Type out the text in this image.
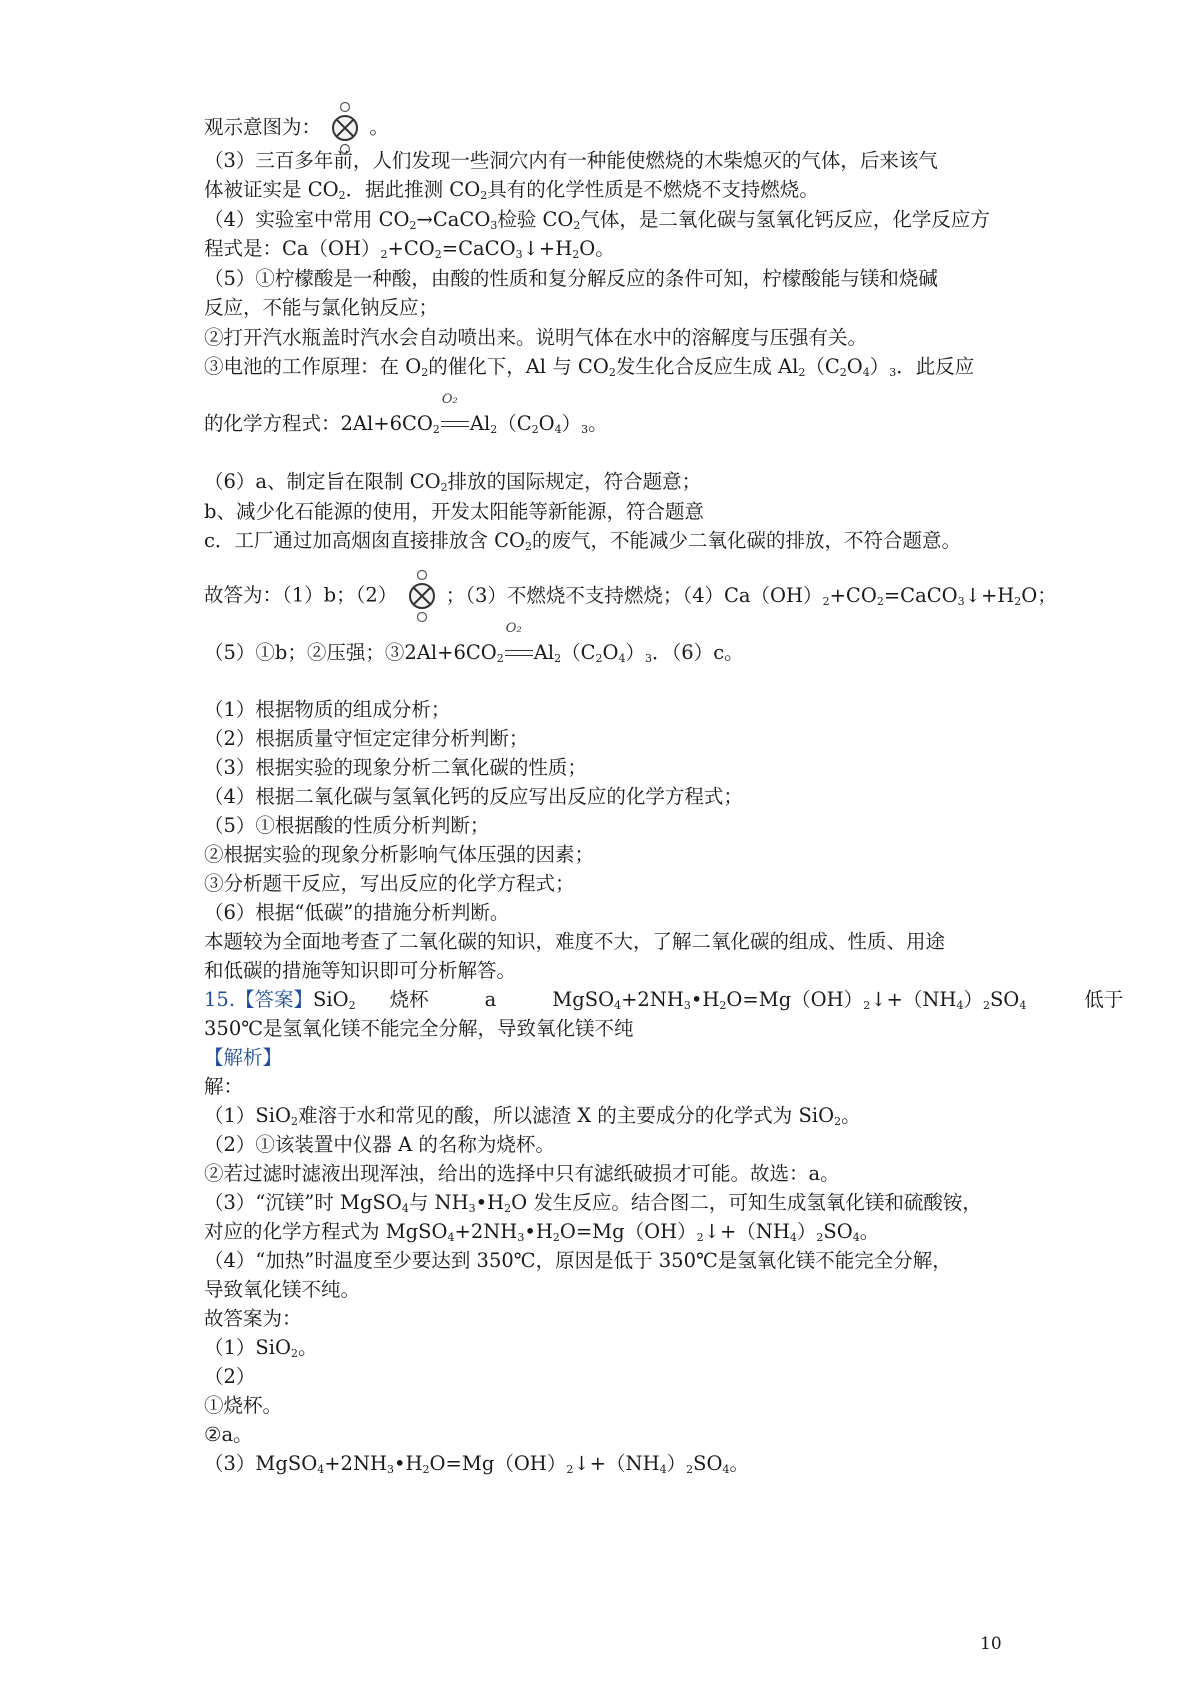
观示意图为： 。
（3）三百多年前，人们发现一些洞穴内有一种能使燃烧的木柴熄灭的气体，后来该气
体被证实是 $CO_2$．据此推测 $CO_2$具有的化学性质是不燃烧不支持燃烧。
（4）实验室中常用 $CO_2\to CaCO_3$检验 $CO_2$气体，是二氧化碳与氢氧化钙反应，化学反应方
程式是：$Ca(OH)_2+CO_2=CaCO_3↓+H_2O$。
（5）①柠檬酸是一种酸，由酸的性质和复分解反应的条件可知，柠檬酸能与镁和烧碱
反应，不能与氯化钠反应；
②打开汽水瓶盖时汽水会自动喷出来。说明气体在水中的溶解度与压强有关。
③电池的工作原理：在 $O_2$的催化下，Al 与 $CO_2$发生化合反应生成 $Al_2(C_2O_4)_3$．此反应
的化学方程式：$2Al+6CO_2$
O₂
$Al_2(C_2O_4)_3$。
（6）a、制定旨在限制 $CO_2$排放的国际规定，符合题意；
b、减少化石能源的使用，开发太阳能等新能源，符合题意
c．工厂通过加高烟囱直接排放含 $CO_2$的废气，不能减少二氧化碳的排放，不符合题意。
故答为：（1）b；（2） ；（3）不燃烧不支持燃烧；$(4)Ca(OH)_2+CO_2=CaCO_3↓+H_2O$；
（5）①b；②压强；$③2Al+6CO_2$
O₂
$Al_2(C_2O_4)_3$．（6）c。
（1）根据物质的组成分析；
（2）根据质量守恒定定律分析判断；
（3）根据实验的现象分析二氧化碳的性质；
（4）根据二氧化碳与氢氧化钙的反应写出反应的化学方程式；
（5）①根据酸的性质分析判断；
②根据实验的现象分析影响气体压强的因素；
③分析题干反应，写出反应的化学方程式；
（6）根据“低碳”的措施分析判断。
本题较为全面地考查了二氧化碳的知识，难度不大，了解二氧化碳的组成、性质、用途
和低碳的措施等知识即可分析解答。
15.【答案】SiO$_2$ 烧杯	a	$MgSO_4+2NH_3•H_2O=Mg(OH)_2↓+(NH_4)_2SO_4$	低于
350℃是氢氧化镁不能完全分解，导致氧化镁不纯
【解析】
解：
（1）SiO$_2$难溶于水和常见的酸，所以滤渣 X 的主要成分的化学式为 SiO$_2$。
（2）①该装置中仪器 A 的名称为烧杯。
②若过滤时滤液出现浑浊，给出的选择中只有滤纸破损才可能。故选：a。
（3）“沉镁”时 MgSO$_4$与 $NH_3•H_2O$ 发生反应。结合图二，可知生成氢氧化镁和硫酸铵，
对应的化学方程式为 $MgSO_4+2NH_3•H_2O=Mg(OH)_2↓+(NH_4)_2SO_4$。
（4）“加热”时温度至少要达到 350℃，原因是低于 350℃是氢氧化镁不能完全分解，
导致氧化镁不纯。
故答案为：
（1）SiO$_2$。
（2）
①烧杯。
②a。
$(3)MgSO_4+2NH_3•H_2O=Mg(OH)_2↓+(NH_4)_2SO_4$。
10
